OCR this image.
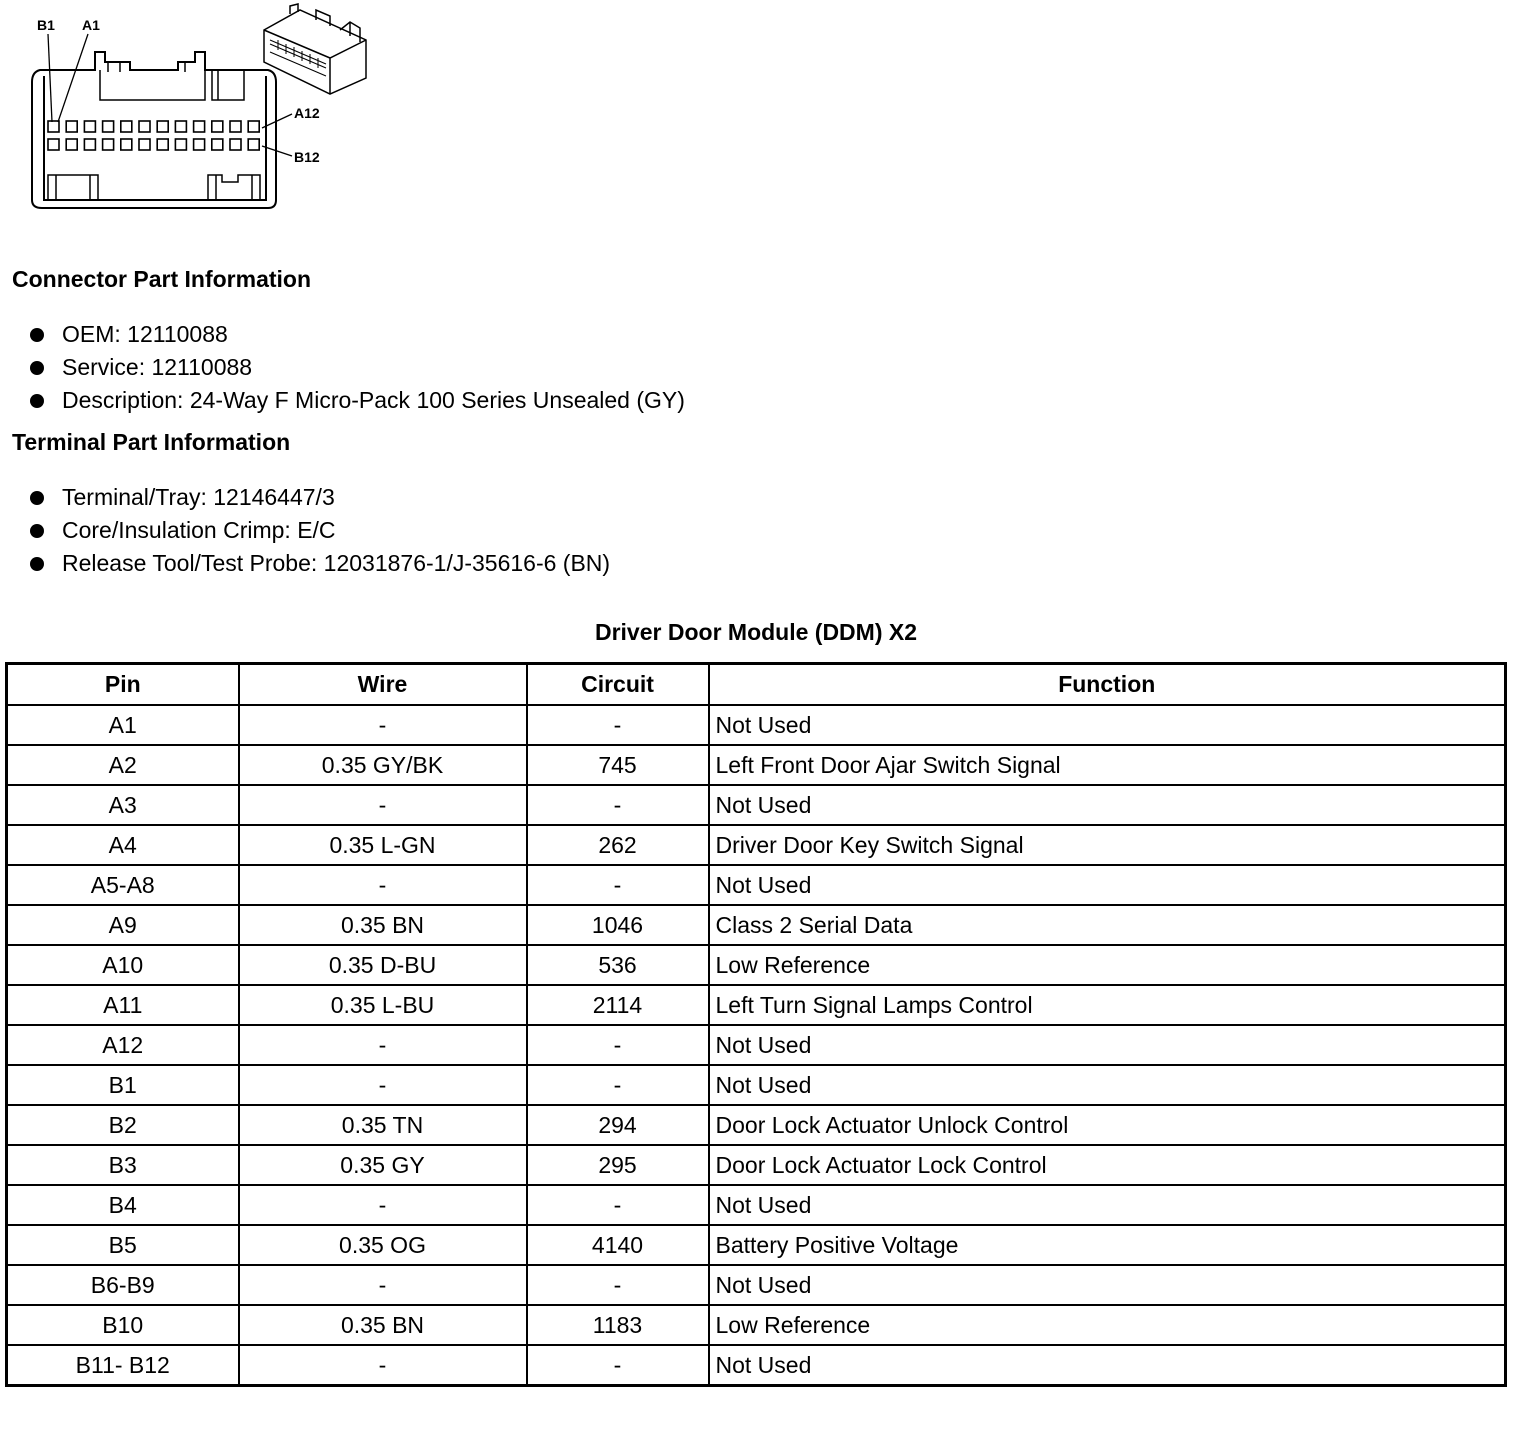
B1 A1
A12
B12
Connector Part Information
OEM: 12110088
Service: 12110088
Description: 24-Way F Micro-Pack 100 Series Unsealed (GY)
Terminal Part Information
Terminal/Tray: 12146447/3
Core/Insulation Crimp: E/C
Release Tool/Test Probe: 12031876-1/J-35616-6 (BN)
Driver Door Module (DDM) X2
Pin	Wire	Circuit	Function
A1	-	-	Not Used
A2	0.35 GY/BK	745	Left Front Door Ajar Switch Signal
A3	-	-	Not Used
A4	0.35 L-GN	262	Driver Door Key Switch Signal
A5-A8	-	-	Not Used
A9	0.35 BN	1046	Class 2 Serial Data
A10	0.35 D-BU	536	Low Reference
A11	0.35 L-BU	2114	Left Turn Signal Lamps Control
A12	-	-	Not Used
B1	-	-	Not Used
B2	0.35 TN	294	Door Lock Actuator Unlock Control
B3	0.35 GY	295	Door Lock Actuator Lock Control
B4	-	-	Not Used
B5	0.35 OG	4140	Battery Positive Voltage
B6-B9	-	-	Not Used
B10	0.35 BN	1183	Low Reference
B11- B12	-	-	Not Used
